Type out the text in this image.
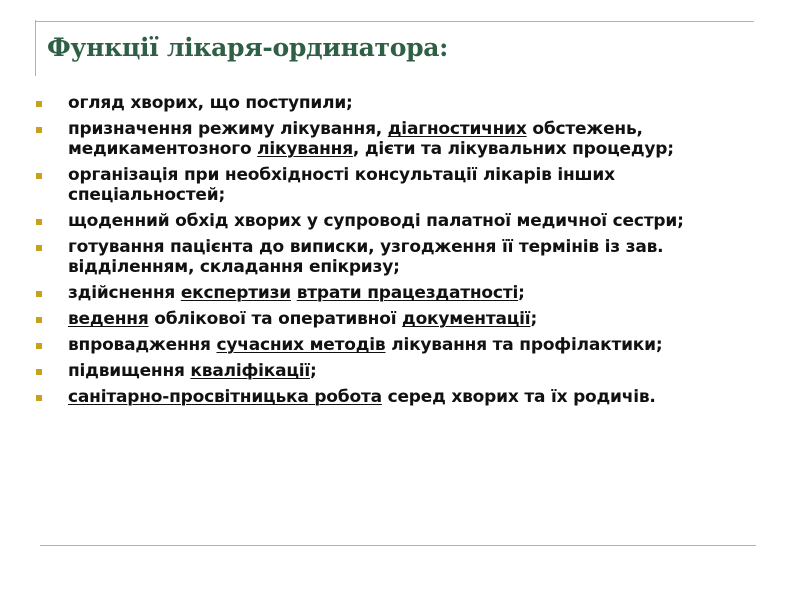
Функції лікаря-ординатора:
огляд хворих, що поступили;
призначення режиму лікування, діагностичних обстежень, медикаментозного лікування, дієти та лікувальних процедур;
організація при необхідності консультації лікарів інших спеціальностей;
щоденний обхід хворих у супроводі палатної медичної сестри;
готування пацієнта до виписки, узгодження її термінів із зав. відділенням, складання епікризу;
здійснення експертизи втрати працездатності;
ведення облікової та оперативної документації;
впровадження сучасних методів лікування та профілактики;
підвищення кваліфікації;
санітарно-просвітницька робота серед хворих та їх родичів.
